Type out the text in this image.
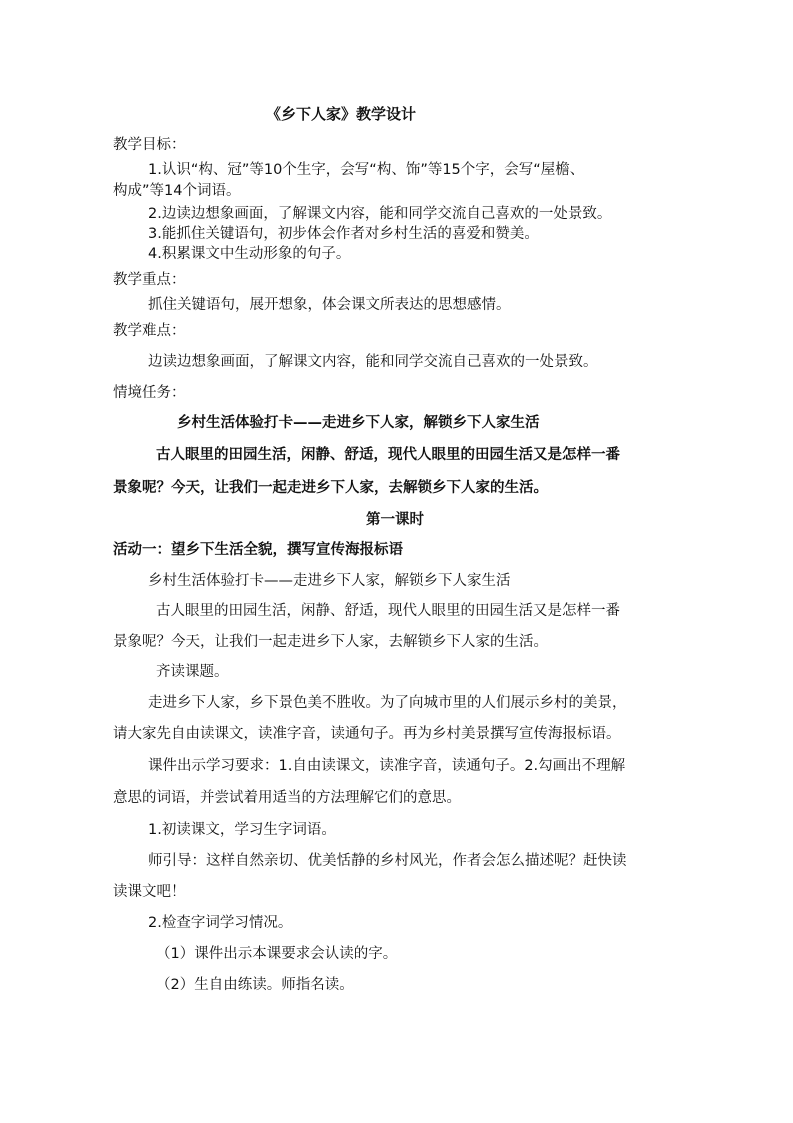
《乡下人家》教学设计
教学目标：
1.认识“构、冠”等10个生字，会写“构、饰”等15个字，会写“屋檐、
构成”等14个词语。
2.边读边想象画面，了解课文内容，能和同学交流自己喜欢的一处景致。
3.能抓住关键语句，初步体会作者对乡村生活的喜爱和赞美。
4.积累课文中生动形象的句子。
教学重点：
抓住关键语句，展开想象，体会课文所表达的思想感情。
教学难点：
边读边想象画面，了解课文内容，能和同学交流自己喜欢的一处景致。
情境任务：
乡村生活体验打卡——走进乡下人家，解锁乡下人家生活
古人眼里的田园生活，闲静、舒适，现代人眼里的田园生活又是怎样一番
景象呢？今天，让我们一起走进乡下人家，去解锁乡下人家的生活。
第一课时
活动一：望乡下生活全貌，撰写宣传海报标语
乡村生活体验打卡——走进乡下人家，解锁乡下人家生活
古人眼里的田园生活，闲静、舒适，现代人眼里的田园生活又是怎样一番
景象呢？今天，让我们一起走进乡下人家，去解锁乡下人家的生活。
齐读课题。
走进乡下人家，乡下景色美不胜收。为了向城市里的人们展示乡村的美景，
请大家先自由读课文，读准字音，读通句子。再为乡村美景撰写宣传海报标语。
课件出示学习要求：1.自由读课文，读准字音，读通句子。2.勾画出不理解
意思的词语，并尝试着用适当的方法理解它们的意思。
1.初读课文，学习生字词语。
师引导：这样自然亲切、优美恬静的乡村风光，作者会怎么描述呢？赶快读
读课文吧！
2.检查字词学习情况。
（1）课件出示本课要求会认读的字。
（2）生自由练读。师指名读。
